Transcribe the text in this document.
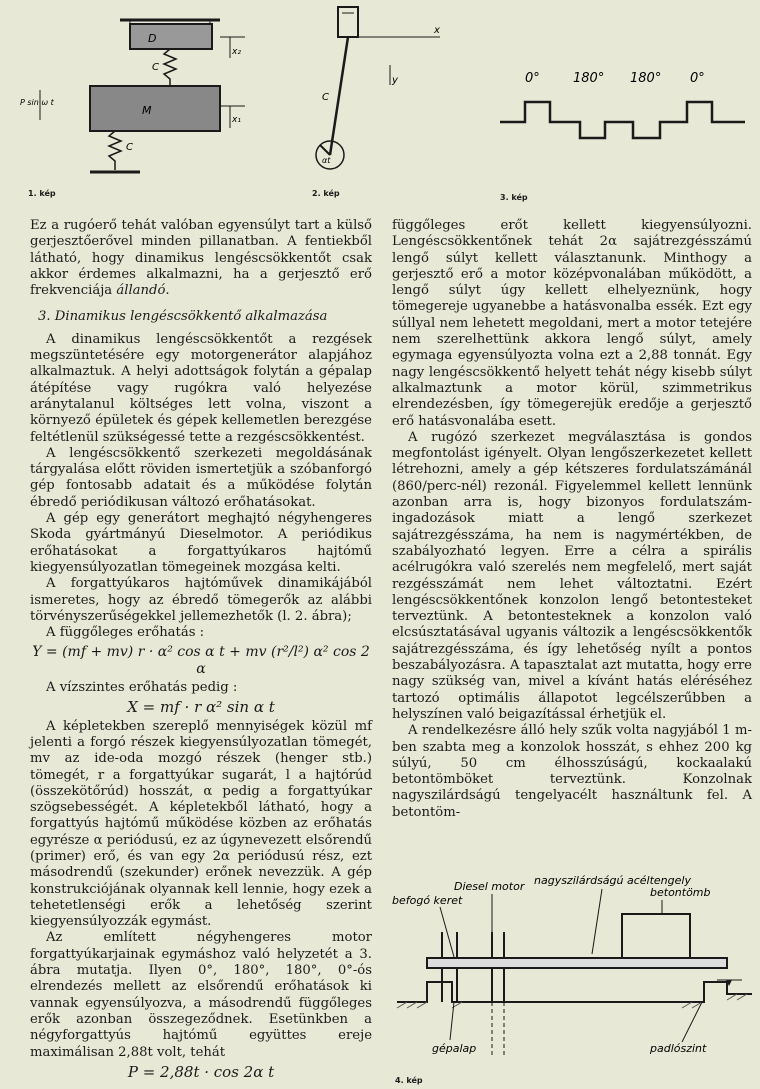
D
C
x₂
M
P sin ω t
x₁
C
1. kép
x
y
C
αt
2. kép
0°	180° 180° 0°
3. kép

Ez a rugóerő tehát valóban egyensúlyt tart a külső gerjesztőerővel minden pillanatban. A fentiekből látható, hogy dinamikus lengéscsökkentőt csak akkor érdemes alkalmazni, ha a gerjesztő erő frekvenciája állandó.

3. Dinamikus lengéscsökkentő alkalmazása

A dinamikus lengéscsökkentőt a rezgések megszüntetésére egy motorgenerátor alapjához alkalmaztuk. A helyi adottságok folytán a gépalap átépítése vagy rugókra való helyezése aránytalanul költséges lett volna, viszont a környező épületek és gépek kellemetlen berezgése feltétlenül szükségessé tette a rezgéscsökkentést.

A lengéscsökkentő szerkezeti megoldásának tárgyalása előtt röviden ismertetjük a szóbanforgó gép fontosabb adatait és a működése folytán ébredő periódikusan változó erőhatásokat.

A gép egy generátort meghajtó négyhengeres Skoda gyártmányú Dieselmotor. A periódikus erőhatásokat a forgattyúkaros hajtómű kiegyensúlyozatlan tömegeinek mozgása kelti.

A forgattyúkaros hajtóművek dinamikájából ismeretes, hogy az ébredő tömegerők az alábbi törvényszerűségekkel jellemezhetők (l. 2. ábra);

A függőleges erőhatás :

Y = (mf + mv) r · α² cos α t + mv (r²/l²) α² cos 2 α

A vízszintes erőhatás pedig :

X = mf · r α² sin α t

A képletekben szereplő mennyiségek közül mf jelenti a forgó részek kiegyensúlyozatlan tömegét, mv az ide-oda mozgó részek (henger stb.) tömegét, r a forgattyúkar sugarát, l a hajtórúd (összekötőrúd) hosszát, α pedig a forgattyúkar szögsebességét. A képletekből látható, hogy a forgattyús hajtómű működése közben az erőhatás egyrésze α periódusú, ez az úgynevezett elsőrendű (primer) erő, és van egy 2α periódusú rész, ezt másodrendű (szekunder) erőnek nevezzük. A gép konstrukciójának olyannak kell lennie, hogy ezek a tehetetlenségi erők a lehetőség szerint kiegyensúlyozzák egymást.

Az említett négyhengeres motor forgattyúkarjainak egymáshoz való helyzetét a 3. ábra mutatja. Ilyen 0°, 180°, 180°, 0°-ós elrendezés mellett az elsőrendű erőhatások ki vannak egyensúlyozva, a másodrendű függőleges erők azonban összegeződnek. Esetünkben a négyforgattyús hajtómű együttes ereje maximálisan 2,88t volt, tehát

P = 2,88t · cos 2α t

függőleges erőt kellett kiegyensúlyozni. Lengéscsökkentőnek tehát 2α sajátrezgésszámú lengő súlyt kellett választanunk. Minthogy a gerjesztő erő a motor középvonalában működött, a lengő súlyt úgy kellett elhelyeznünk, hogy tömegereje ugyanebbe a hatásvonalba essék. Ezt egy súllyal nem lehetett megoldani, mert a motor tetejére nem szerelhettünk akkora lengő súlyt, amely egymaga egyensúlyozta volna ezt a 2,88 tonnát. Egy nagy lengéscsökkentő helyett tehát négy kisebb súlyt alkalmaztunk a motor körül, szimmetrikus elrendezésben, így tömegerejük eredője a gerjesztő erő hatásvonalába esett.

A rugózó szerkezet megválasztása is gondos megfontolást igényelt. Olyan lengőszerkezetet kellett létrehozni, amely a gép kétszeres fordulatszámánál (860/perc-nél) rezonál. Figyelemmel kellett lennünk azonban arra is, hogy bizonyos fordulatszám-ingadozások miatt a lengő szerkezet sajátrezgésszáma, ha nem is nagymértékben, de szabályozható legyen. Erre a célra a spirális acélrugókra való szerelés nem megfelelő, mert saját rezgésszámát nem lehet változtatni. Ezért lengéscsökkentőnek konzolon lengő betontesteket terveztünk. A betontesteknek a konzolon való elcsúsztatásával ugyanis változik a lengéscsökkentők sajátrezgésszáma, és így lehetőség nyílt a pontos beszabályozásra. A tapasztalat azt mutatta, hogy erre nagy szükség van, mivel a kívánt hatás eléréséhez tartozó optimális állapotot legcélszerűbben a helyszínen való beigazítással érhetjük el.

A rendelkezésre álló hely szűk volta nagyjából 1 m-ben szabta meg a konzolok hosszát, s ehhez 200 kg súlyú, 50 cm élhosszúságú, kockaalakú betontömböket terveztünk. Konzolnak nagyszilárdságú tengelyacélt használtunk fel. A betontöm-

Diesel motor nagyszilárdságú acéltengely
betontömb
befogó keret
gépalap	padlószint
4. kép
